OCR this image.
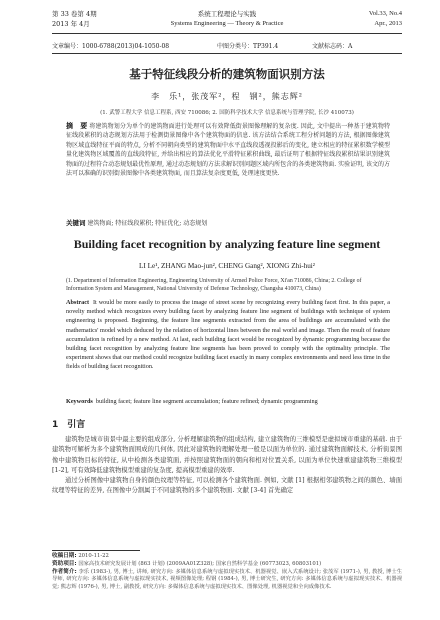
第 33 卷第 4期
2013 年 4月
系统工程理论与实践
Systems Engineering — Theory & Practice
Vol.33, No.4
Apr., 2013
文章编号：1000-6788(2013)04-1050-08	中图分类号：TP391.4	文献标志码：A
基于特征线段分析的建筑物面识别方法
李　乐¹，张茂军²，程　钢²，熊志辉²
(1. 武警工程大学 信息工程系, 西安 710086; 2. 国防科学技术大学 信息系统与管理学院, 长沙 410073)
摘　要 将建筑物划分为单个的建筑物面进行处理可以有效降低街景图像理解的复杂度. 因此, 文中提出一种基于建筑物特征线段累积的动态规划方法用于检测街景图像中各个建筑物面的信息. 该方法结合系统工程分析问题的方法, 根据图像建筑物区域直线特征平面的特点, 分析不同朝向类型的建筑物面中水平直线段透视投影后的变化, 建立相应的特征累积数学模型量化建筑物区域覆盖的直线段特征, 并给出相应的算法优化平滑特征累积曲线, 最后证明了根据特征线段累积结果识别建筑物面的过程符合动态规划最优性原理, 通过动态规划的方法求解识别问题区域内所包含的各类建筑物面. 实验证明, 该文的方法可以准确的识别街景图像中各类建筑物面, 而且算法复杂度更低, 处理速度更快.
关键词 建筑物面; 特征线段累积; 特征优化; 动态规划
Building facet recognition by analyzing feature line segment
LI Le¹, ZHANG Mao-jun², CHENG Gang², XIONG Zhi-hui²
(1. Department of Information Engineering, Engineering University of Armed Police Force, Xi'an 710086, China; 2. College of Information System and Management, National University of Defense Technology, Changsha 410073, China)
Abstract It would be more easily to process the image of street scene by recognizing every building facet first. In this paper, a novelty method which recognizes every building facet by analyzing feature line segment of buildings with technique of system engineering is proposed. Beginning, the feature line segments extracted from the area of buildings are accumulated with the mathematics' model which deduced by the relation of horizontal lines between the real world and image. Then the result of feature accumulation is refined by a new method. At last, each building facet would be recognized by dynamic programming because the building facet recognition by analyzing feature line segments has been proved to comply with the optimality principle. The experiment shows that our method could recognize building facet exactly in many complex environments and need less time in the fields of building facet recognition.
Keywords building facet; feature line segment accumulation; feature refined; dynamic programming
1　引言

建筑物是城市街景中最主要的组成部分, 分析理解建筑物的组成结构, 建立建筑物的三维模型是虚拟城市重建的基础. 由于建筑物可解析为多个建筑物面围成的几何体, 因此对建筑物的理解处理一般是以面为单位的. 通过建筑物面解技术, 分析街景图像中建筑物目标的特征, 从中检测各类建筑面, 并按照建筑物面的朝向和相对位置关系, 以面为单位快速重建建筑物三维模型 [1-2], 可有效降低建筑物模型重建的复杂度, 提高模型重建的效率.

通过分析图像中建筑物自身的颜色纹理等特征, 可以检测各个建筑物面. 例如, 文献 [1] 根据相邻建筑物之间的颜色、墙面纹理等特征的差异, 在图像中分割属于不同建筑物的多个建筑物面. 文献 [3-4] 首先确定

收稿日期: 2010-11-22
资助项目: 国家高技术研究发展计划 (863 计划) (2009AA01Z328); 国家自然科学基金 (60773023, 60803101)
作者简介: 李乐 (1983-), 男, 博士, 讲师, 研究方向: 多媒体信息系统与虚拟现实技术、机器视觉、嵌入式系统设计; 张茂军 (1971-), 男, 教授, 博士生导师, 研究方向: 多媒体信息系统与虚拟现实技术, 视频图像处理; 程钢 (1984-), 男, 博士研究生, 研究方向: 多媒体信息系统与虚拟现实技术、机器视觉; 熊志辉 (1976-), 男, 博士, 副教授, 研究方向: 多媒体信息系统与虚拟现实技术、图像处理, 机器视觉和全向成像技术.
